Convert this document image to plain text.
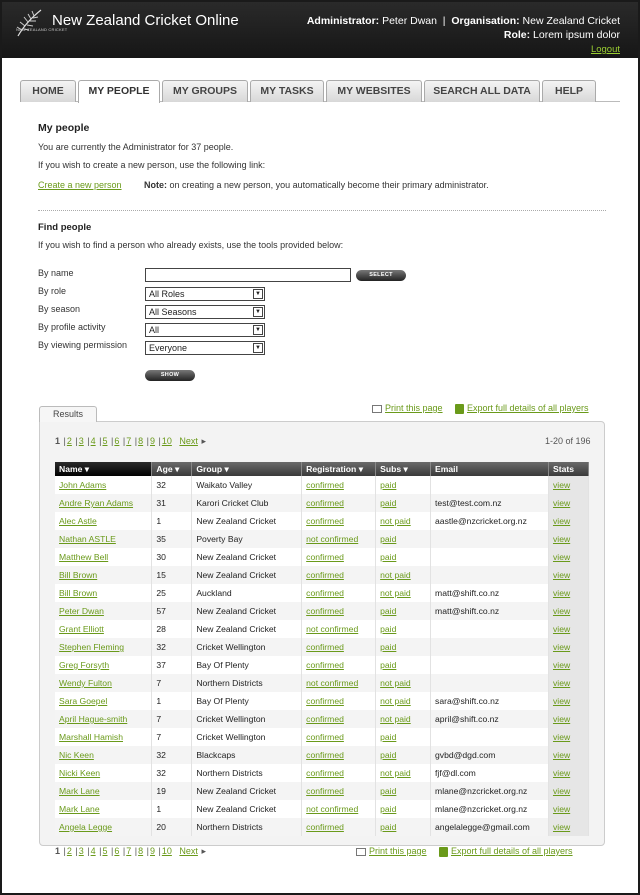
NEW ZEALAND CRICKET
New Zealand Cricket Online	Administrator: Peter Dwan  |  Organisation: New Zealand Cricket
Role: Lorem ipsum dolor
Logout
HOME	MY PEOPLE	MY GROUPS	MY TASKS	MY WEBSITES	SEARCH ALL DATA	HELP
My people
You are currently the Administrator for 37 people.
If you wish to create a new person, use the following link:
Create a new person Note: on creating a new person, you automatically become their primary administrator.
Find people
If you wish to find a person who already exists, use the tools provided below:
By name	SELECT
By role	All Roles	▼
By season	All Seasons	▼
By profile activity	All	▼
By viewing permission	Everyone	▼
SHOW
Results
Print this page	Export full details of all players
1 |2 |3 |4 |5 |6 |7 |8 |9 |10 Next ▸	1-20 of 196
Name ▾	Age ▾	Group ▾	Registration ▾	Subs ▾	Email	Stats
John Adams	32	Waikato Valley	confirmed	paid		view
Andre Ryan Adams	31	Karori Cricket Club	confirmed	paid	test@test.com.nz	view
Alec Astle	1	New Zealand Cricket	confirmed	not paid	aastle@nzcricket.org.nz	view
Nathan ASTLE	35	Poverty Bay	not confirmed	paid		view
Matthew Bell	30	New Zealand Cricket	confirmed	paid		view
Bill Brown	15	New Zealand Cricket	confirmed	not paid		view
Bill Brown	25	Auckland	confirmed	not paid	matt@shift.co.nz	view
Peter Dwan	57	New Zealand Cricket	confirmed	paid	matt@shift.co.nz	view
Grant Elliott	28	New Zealand Cricket	not confirmed	paid		view
Stephen Fleming	32	Cricket Wellington	confirmed	paid		view
Greg Forsyth	37	Bay Of Plenty	confirmed	paid		view
Wendy Fulton	7	Northern Districts	not confirmed	not paid		view
Sara Goepel	1	Bay Of Plenty	confirmed	not paid	sara@shift.co.nz	view
April Hague-smith	7	Cricket Wellington	confirmed	not paid	april@shift.co.nz	view
Marshall Hamish	7	Cricket Wellington	confirmed	paid		view
Nic Keen	32	Blackcaps	confirmed	paid	gvbd@dgd.com	view
Nicki Keen	32	Northern Districts	confirmed	not paid	fjf@dl.com	view
Mark Lane	19	New Zealand Cricket	confirmed	paid	mlane@nzcricket.org.nz	view
Mark Lane	1	New Zealand Cricket	not confirmed	paid	mlane@nzcricket.org.nz	view
Angela Legge	20	Northern Districts	confirmed	paid	angelalegge@gmail.com	view
1 |2 |3 |4 |5 |6 |7 |8 |9 |10 Next ▸	Print this page	Export full details of all players
